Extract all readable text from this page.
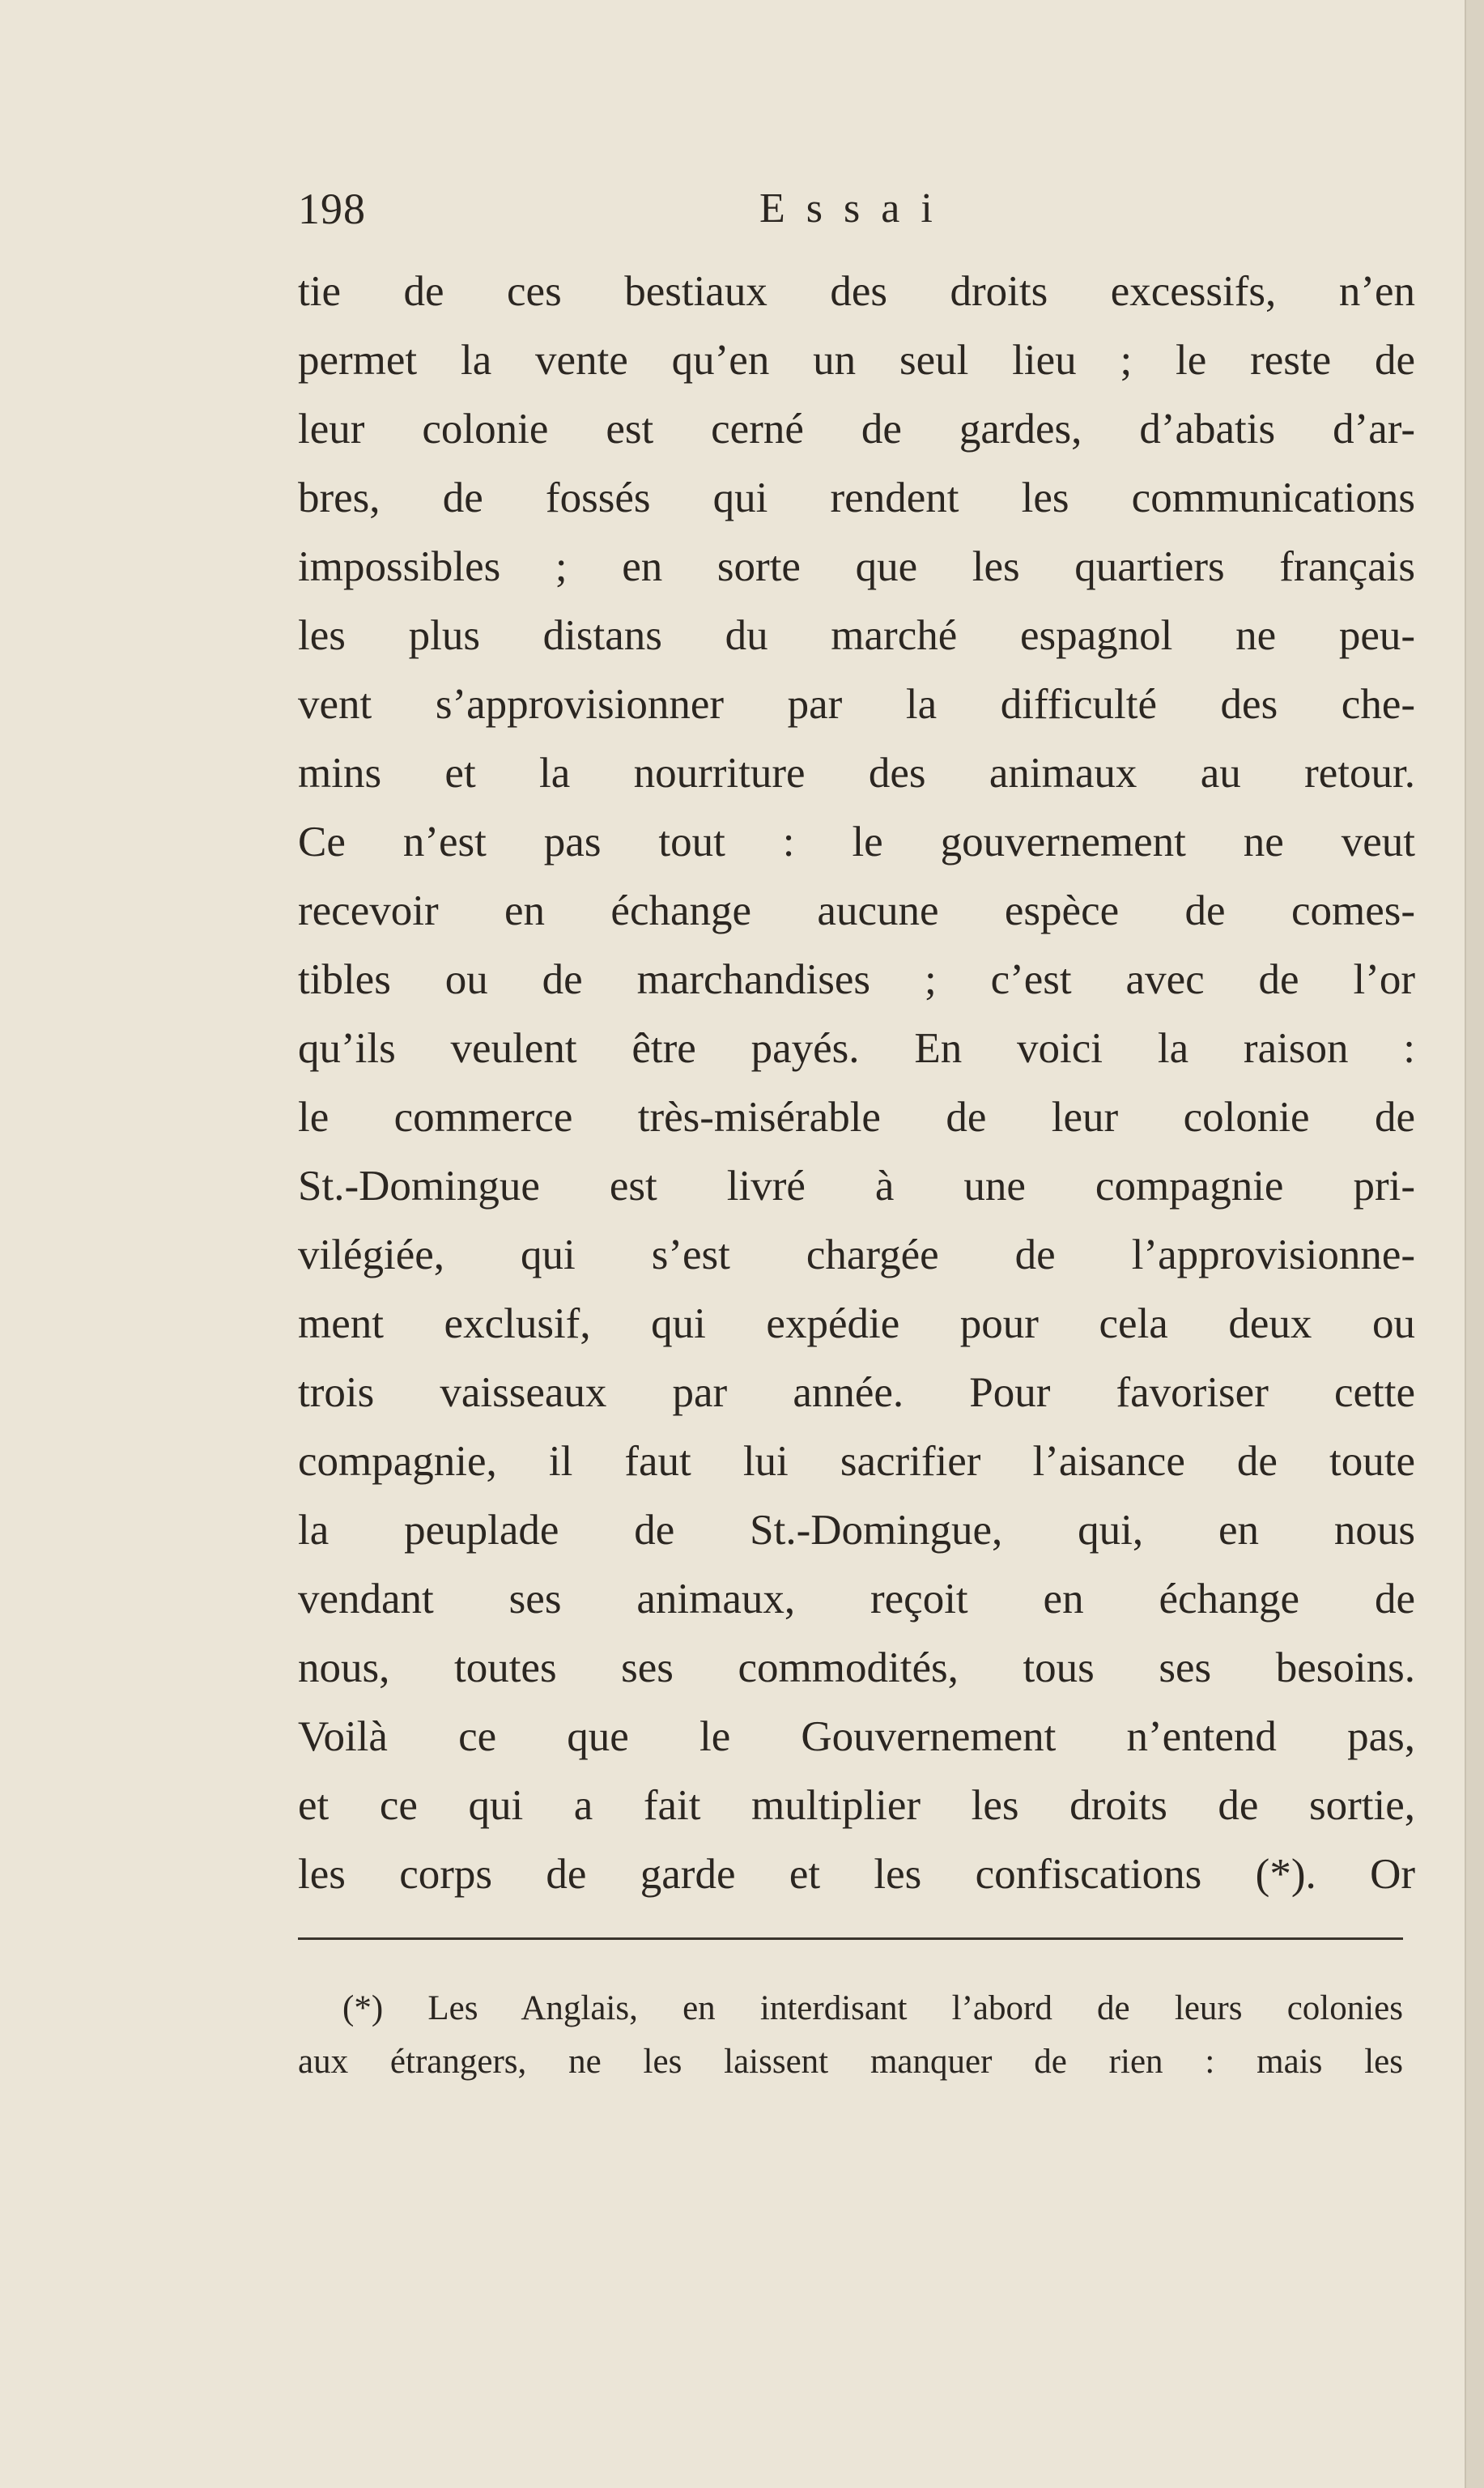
198	Essai
tie de ces bestiaux des droits excessifs, n’en
permet la vente qu’en un seul lieu ; le reste de
leur colonie est cerné de gardes, d’abatis d’ar-
bres, de fossés qui rendent les communications
impossibles ; en sorte que les quartiers français
les plus distans du marché espagnol ne peu-
vent s’approvisionner par la difficulté des che-
mins et la nourriture des animaux au retour.
Ce n’est pas tout : le gouvernement ne veut
recevoir en échange aucune espèce de comes-
tibles ou de marchandises ; c’est avec de l’or
qu’ils veulent être payés. En voici la raison :
le commerce très-misérable de leur colonie de
St.-Domingue est livré à une compagnie pri-
vilégiée, qui s’est chargée de l’approvisionne-
ment exclusif, qui expédie pour cela deux ou
trois vaisseaux par année. Pour favoriser cette
compagnie, il faut lui sacrifier l’aisance de toute
la peuplade de St.-Domingue, qui, en nous
vendant ses animaux, reçoit en échange de
nous, toutes ses commodités, tous ses besoins.
Voilà ce que le Gouvernement n’entend pas,
et ce qui a fait multiplier les droits de sortie,
les corps de garde et les confiscations (*). Or
(*) Les Anglais, en interdisant l’abord de leurs colonies
aux étrangers, ne les laissent manquer de rien : mais les
